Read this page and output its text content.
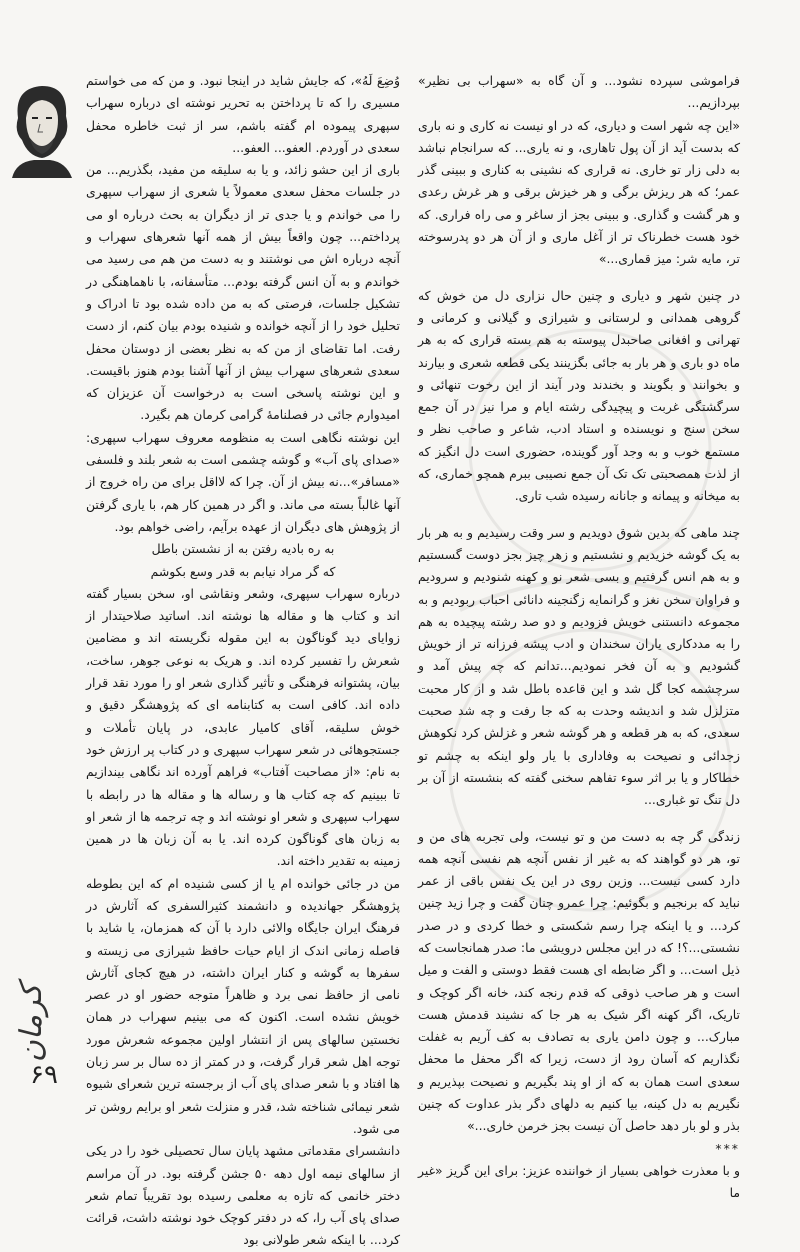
فراموشی سپرده نشود... و آن گاه به «سهراب بی نظیر» بپردازیم...

«این چه شهر است و دیاری، که در او نیست نه کاری و نه باری که بدست آید از آن پول تاهاری، و نه یاری... که سرانجام نباشد به دلی زار تو خاری. نه قراری که نشینی به کناری و ببینی گذر عمر؛ که هر ریزش برگی و هر خیزش برقی و هر غرش رعدی و هر گشت و گذاری. و ببینی بجز از ساغر و می راه فراری. که خود هست خطرناک تر از آغل ماری و از آن هر دو پدرسوخته تر، مایه شر: میز قماری...»

در چنین شهر و دیاری و چنین حال نزاری دل من خوش که گروهی همدانی و لرستانی و شیرازی و گیلانی و کرمانی و تهرانی و افغانی صاحبدل پیوسته به هم بسته قراری که به هر ماه دو باری و هر بار به جائی بگزینند یکی قطعه شعری و بیارند و بخوانند و بگویند و بخندند ودر آیند از این رخوت تنهائی و سرگشتگی غربت و پیچیدگی رشته ایام و مرا نیز در آن جمع سخن سنج و نویسنده و استاد ادب، شاعر و صاحب نظر و مستمع خوب و به وجد آور گوینده، حضوری است دل انگیز که از لذت همصحبتی تک تک آن جمع نصیبی ببرم همچو خماری، که به میخانه و پیمانه و جانانه رسیده شب تاری.

چند ماهی که بدین شوق دویدیم و سر وقت رسیدیم و به هر بار به یک گوشه خزیدیم و نشستیم و زهر چیز بجز دوست گسستیم و به هم انس گرفتیم و بسی شعر نو و کهنه شنودیم و سرودیم و فراوان سخن نغز و گرانمایه زگنجینه دانائی احباب ربودیم و به مجموعه دانستنی خویش فزودیم و دو صد رشته پیچیده به هم را به مددکاری یاران سخندان و ادب پیشه فرزانه تر از خویش گشودیم و به آن فخر نمودیم...تدانم که چه پیش آمد و سرچشمه کجا گل شد و این قاعده باطل شد و از کار محبت متزلزل شد و اندیشه وحدت به که جا رفت و چه شد صحبت سعدی، که به هر قطعه و هر گوشه شعر و غزلش کرد نکوهش زجدائی و نصیحت به وفاداری با یار ولو اینکه به چشم تو خطاکار و یا بر اثر سوء تفاهم سخنی گفته که بنشسته از آن بر دل تنگ تو غباری...

زندگی گر چه به دست من و تو نیست، ولی تجربه های من و تو، هر دو گواهند که به غیر از نفس آنچه هم نفسی آنچه همه دارد کسی نیست... وزین روی در این یک نفس باقی از عمر نباید که برنجیم و بگوئیم: چرا عمرو چنان گفت و چرا زید چنین کرد... و یا اینکه چرا رسم شکستی و خطا کردی و در صدر نشستی...؟! که در این مجلس درویشی ما: صدر همانجاست که ذیل است... و اگر ضابطه ای هست فقط دوستی و الفت و میل است و هر صاحب ذوقی که قدم رنجه کند، خانه اگر کوچک و تاریک، اگر کهنه اگر شیک به هر جا که نشیند قدمش هست مبارک... و چون دامن یاری به تصادف به کف آریم به غفلت نگذاریم که آسان رود از دست، زیرا که اگر محفل ما محفل سعدی است همان به که از او پند بگیریم و نصیحت بپذیریم و نگیریم به دل کینه، بیا کنیم به دلهای دگر بذر عداوت که چنین بذر و لو بار دهد حاصل آن نیست بجز خرمن خاری...»

***

و با معذرت خواهی بسیار از خواننده عزیز: برای این گریز «غیر ما

وُضِعَ لَهُ»، که جایش شاید در اینجا نبود. و من که می خواستم مسیری را که تا پرداختن به تحریر نوشته ای درباره سهراب سپهری پیموده ام گفته باشم، سر از ثبت خاطره محفل سعدی در آوردم. العفو... العفو...

باری از این حشو زائد، و یا به سلیقه من مفید، بگذریم... من در جلسات محفل سعدی معمولاً یا شعری از سهراب سپهری را می خواندم و یا جدی تر از دیگران به بحث درباره او می پرداختم... چون واقعاً بیش از همه آنها شعرهای سهراب و آنچه درباره اش می نوشتند و به دست من هم می رسید می خواندم و به آن انس گرفته بودم... متأسفانه، با ناهماهنگی در تشکیل جلسات، فرصتی که به من داده شده بود تا ادراک و تحلیل خود را از آنچه خوانده و شنیده بودم بیان کنم، از دست رفت. اما تقاضای از من که به نظر بعضی از دوستان محفل سعدی شعرهای سهراب بیش از آنها آشنا بودم هنوز باقیست. و این نوشته پاسخی است به درخواست آن عزیزان که امیدوارم جائی در فصلنامهٔ گرامی کرمان هم بگیرد.

این نوشته نگاهی است به منظومه معروف سهراب سپهری: «صدای پای آب» و گوشه چشمی است به شعر بلند و فلسفی «مسافر»...نه بیش از آن. چرا که لااقل برای من راه خروج از آنها غالباً بسته می ماند. و اگر در همین کار هم، با یاری گرفتن از پژوهش های دیگران از عهده برآیم، راضی خواهم بود.

به ره بادیه رفتن به از نشستن باطل

که گر مراد نیابم به قدر وسع بکوشم

درباره سهراب سپهری، وشعر ونقاشی او، سخن بسیار گفته اند و کتاب ها و مقاله ها نوشته اند. اساتید صلاحیتدار از زوایای دید گوناگون به این مقوله نگریسته اند و مضامین شعرش را تفسیر کرده اند. و هریک به نوعی جوهر، ساخت، بیان، پشتوانه فرهنگی و تأثیر گذاری شعر او را مورد نقد قرار داده اند. کافی است به کتابنامه ای که پژوهشگر دقیق و خوش سلیقه، آقای کامیار عابدی، در پایان تأملات و جستجوهائی در شعر سهراب سپهری و در کتاب پر ارزش خود به نام: «از مصاحبت آفتاب» فراهم آورده اند نگاهی بیندازیم تا ببینیم که چه کتاب ها و رساله ها و مقاله ها در رابطه با سهراب سپهری و شعر او نوشته اند و چه ترجمه ها از شعر او به زبان های گوناگون کرده اند. یا به آن زبان ها در همین زمینه به تقدیر داخته اند.

من در جائی خوانده ام یا از کسی شنیده ام که این بطوطه پژوهشگر جهاندیده و دانشمند کثیرالسفری که آثارش در فرهنگ ایران جایگاه والائی دارد با آن که همزمان، یا شاید با فاصله زمانی اندک از ایام حیات حافظ شیرازی می زیسته و سفرها به گوشه و کنار ایران داشته، در هیچ کجای آثارش نامی از حافظ نمی برد و ظاهراً متوجه حضور او در عصر خویش نشده است. اکنون که می بینیم سهراب در همان نخستین سالهای پس از انتشار اولین مجموعه شعرش مورد توجه اهل شعر قرار گرفت، و در کمتر از ده سال بر سر زبان ها افتاد و با شعر صدای پای آب از برجسته ترین شعرای شیوه شعر نیمائی شناخته شد، قدر و منزلت شعر او برایم روشن تر می شود.

دانشسرای مقدماتی مشهد پایان سال تحصیلی خود را در یکی از سالهای نیمه اول دهه ۵۰ جشن گرفته بود. در آن مراسم دختر خانمی که تازه به معلمی رسیده بود تقریباً تمام شعر صدای پای آب را، که در دفتر کوچک خود نوشته داشت، قرائت کرد... با اینکه شعر طولانی بود

کرمان
۶۹
